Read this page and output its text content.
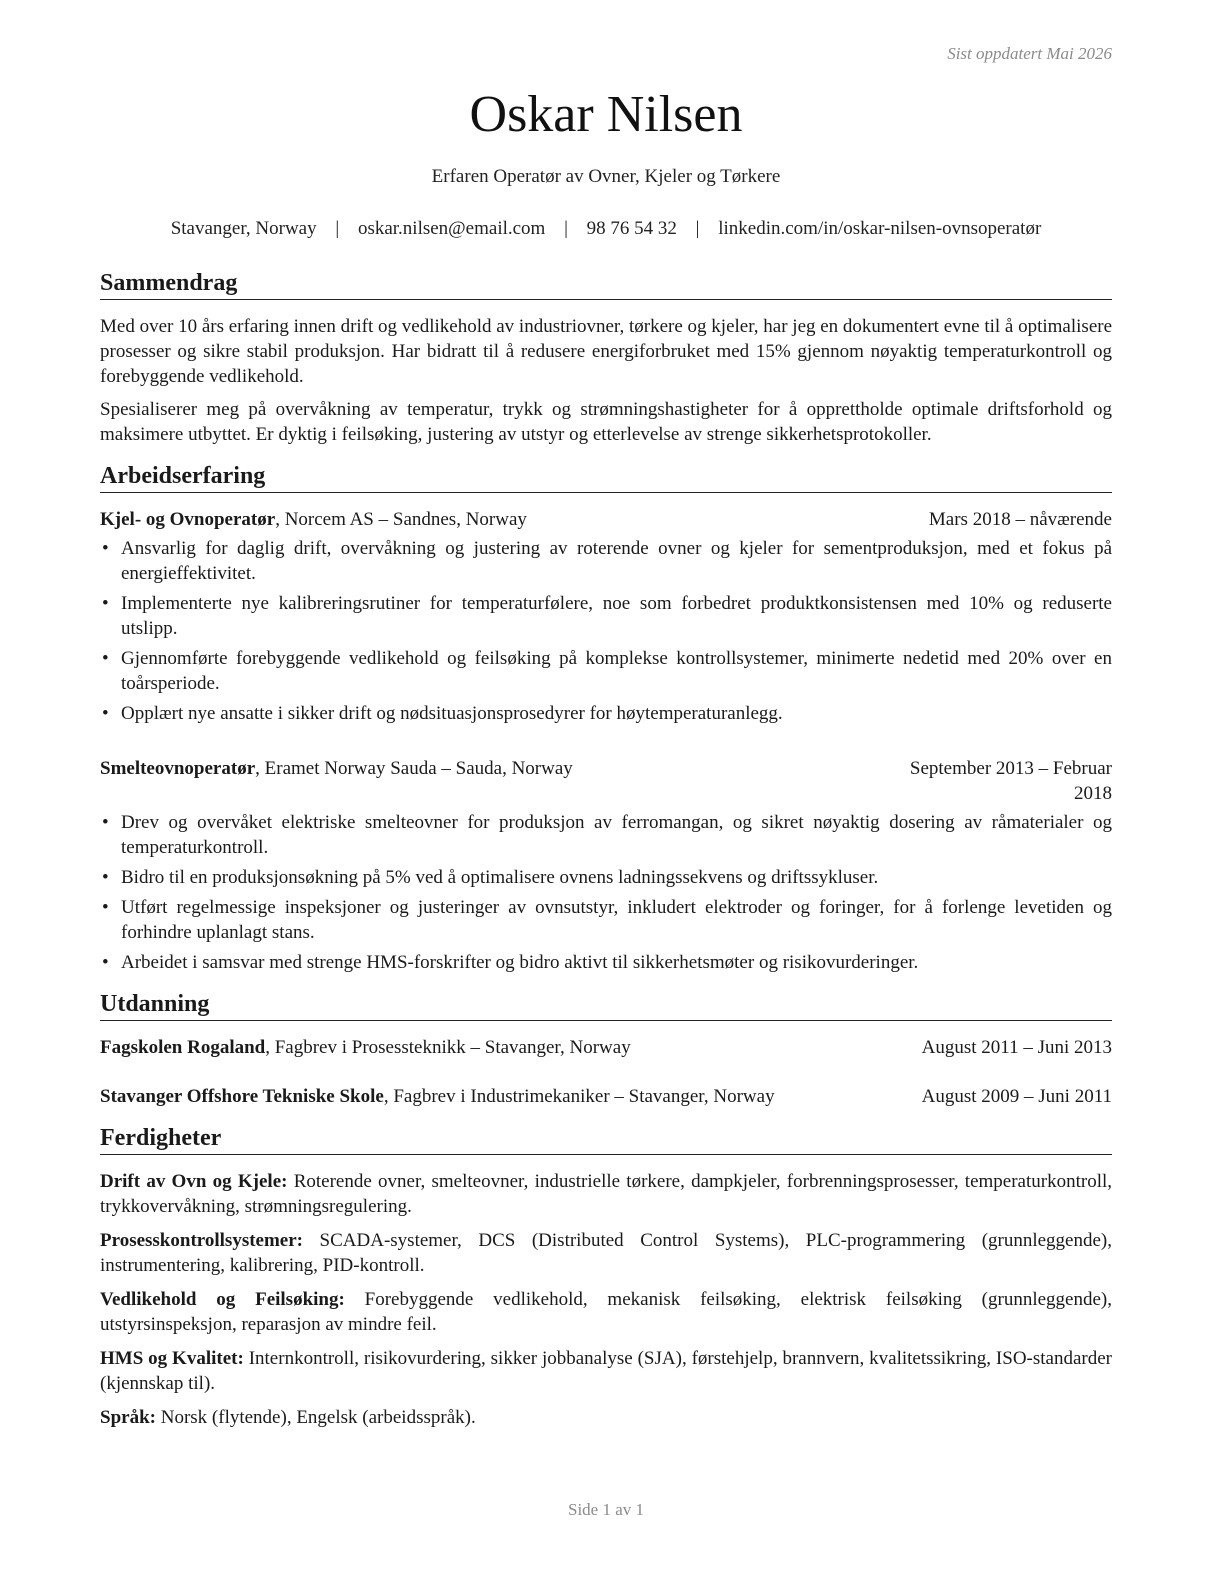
Sist oppdatert Mai 2026
Oskar Nilsen
Erfaren Operatør av Ovner, Kjeler og Tørkere
Stavanger, Norway | oskar.nilsen@email.com | 98 76 54 32 | linkedin.com/in/oskar-nilsen-ovnsoperatør
Sammendrag

Med over 10 års erfaring innen drift og vedlikehold av industriovner, tørkere og kjeler, har jeg en dokumentert evne til å optimalisere prosesser og sikre stabil produksjon. Har bidratt til å redusere energiforbruket med 15% gjennom nøyaktig temperaturkontroll og forebyggende vedlikehold.

Spesialiserer meg på overvåkning av temperatur, trykk og strømningshastigheter for å opprettholde optimale driftsforhold og maksimere utbyttet. Er dyktig i feilsøking, justering av utstyr og etterlevelse av strenge sikkerhetsprotokoller.

Arbeidserfaring
Kjel- og Ovnoperatør, Norcem AS – Sandnes, Norway	Mars 2018 – nåværende
• Ansvarlig for daglig drift, overvåkning og justering av roterende ovner og kjeler for sementproduksjon, med et fokus på energieffektivitet.
• Implementerte nye kalibreringsrutiner for temperaturfølere, noe som forbedret produktkonsistensen med 10% og reduserte utslipp.
• Gjennomførte forebyggende vedlikehold og feilsøking på komplekse kontrollsystemer, minimerte nedetid med 20% over en toårsperiode.
• Opplært nye ansatte i sikker drift og nødsituasjonsprosedyrer for høytemperaturanlegg.
Smelteovnoperatør, Eramet Norway Sauda – Sauda, Norway	September 2013 – Februar 2018
• Drev og overvåket elektriske smelteovner for produksjon av ferromangan, og sikret nøyaktig dosering av råmaterialer og temperaturkontroll.
• Bidro til en produksjonsøkning på 5% ved å optimalisere ovnens ladningssekvens og driftssykluser.
• Utført regelmessige inspeksjoner og justeringer av ovnsutstyr, inkludert elektroder og foringer, for å forlenge levetiden og forhindre uplanlagt stans.
• Arbeidet i samsvar med strenge HMS-forskrifter og bidro aktivt til sikkerhetsmøter og risikovurderinger.
Utdanning
Fagskolen Rogaland, Fagbrev i Prosessteknikk – Stavanger, Norway	August 2011 – Juni 2013
Stavanger Offshore Tekniske Skole, Fagbrev i Industrimekaniker – Stavanger, Norway	August 2009 – Juni 2011
Ferdigheter

Drift av Ovn og Kjele: Roterende ovner, smelteovner, industrielle tørkere, dampkjeler, forbrenningsprosesser, temperaturkontroll, trykkovervåkning, strømningsregulering.

Prosesskontrollsystemer: SCADA-systemer, DCS (Distributed Control Systems), PLC-programmering (grunnleggende), instrumentering, kalibrering, PID-kontroll.

Vedlikehold og Feilsøking: Forebyggende vedlikehold, mekanisk feilsøking, elektrisk feilsøking (grunnleggende), utstyrsinspeksjon, reparasjon av mindre feil.

HMS og Kvalitet: Internkontroll, risikovurdering, sikker jobbanalyse (SJA), førstehjelp, brannvern, kvalitetssikring, ISO-standarder (kjennskap til).

Språk: Norsk (flytende), Engelsk (arbeidsspråk).

Side 1 av 1
